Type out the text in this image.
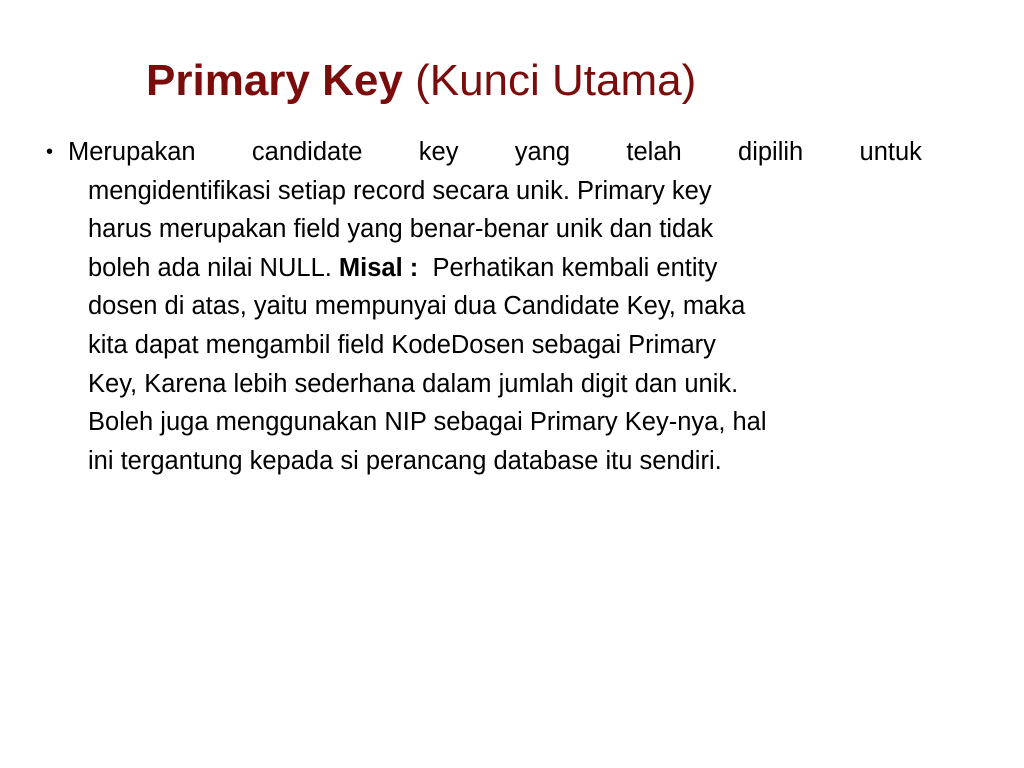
Primary Key (Kunci Utama)
• Merupakan candidate key yang telah dipilih untuk
mengidentifikasi setiap record secara unik. Primary key
harus merupakan field yang benar-benar unik dan tidak
boleh ada nilai NULL. Misal :  Perhatikan kembali entity
dosen di atas, yaitu mempunyai dua Candidate Key, maka
kita dapat mengambil field KodeDosen sebagai Primary
Key, Karena lebih sederhana dalam jumlah digit dan unik.
Boleh juga menggunakan NIP sebagai Primary Key-nya, hal
ini tergantung kepada si perancang database itu sendiri.
